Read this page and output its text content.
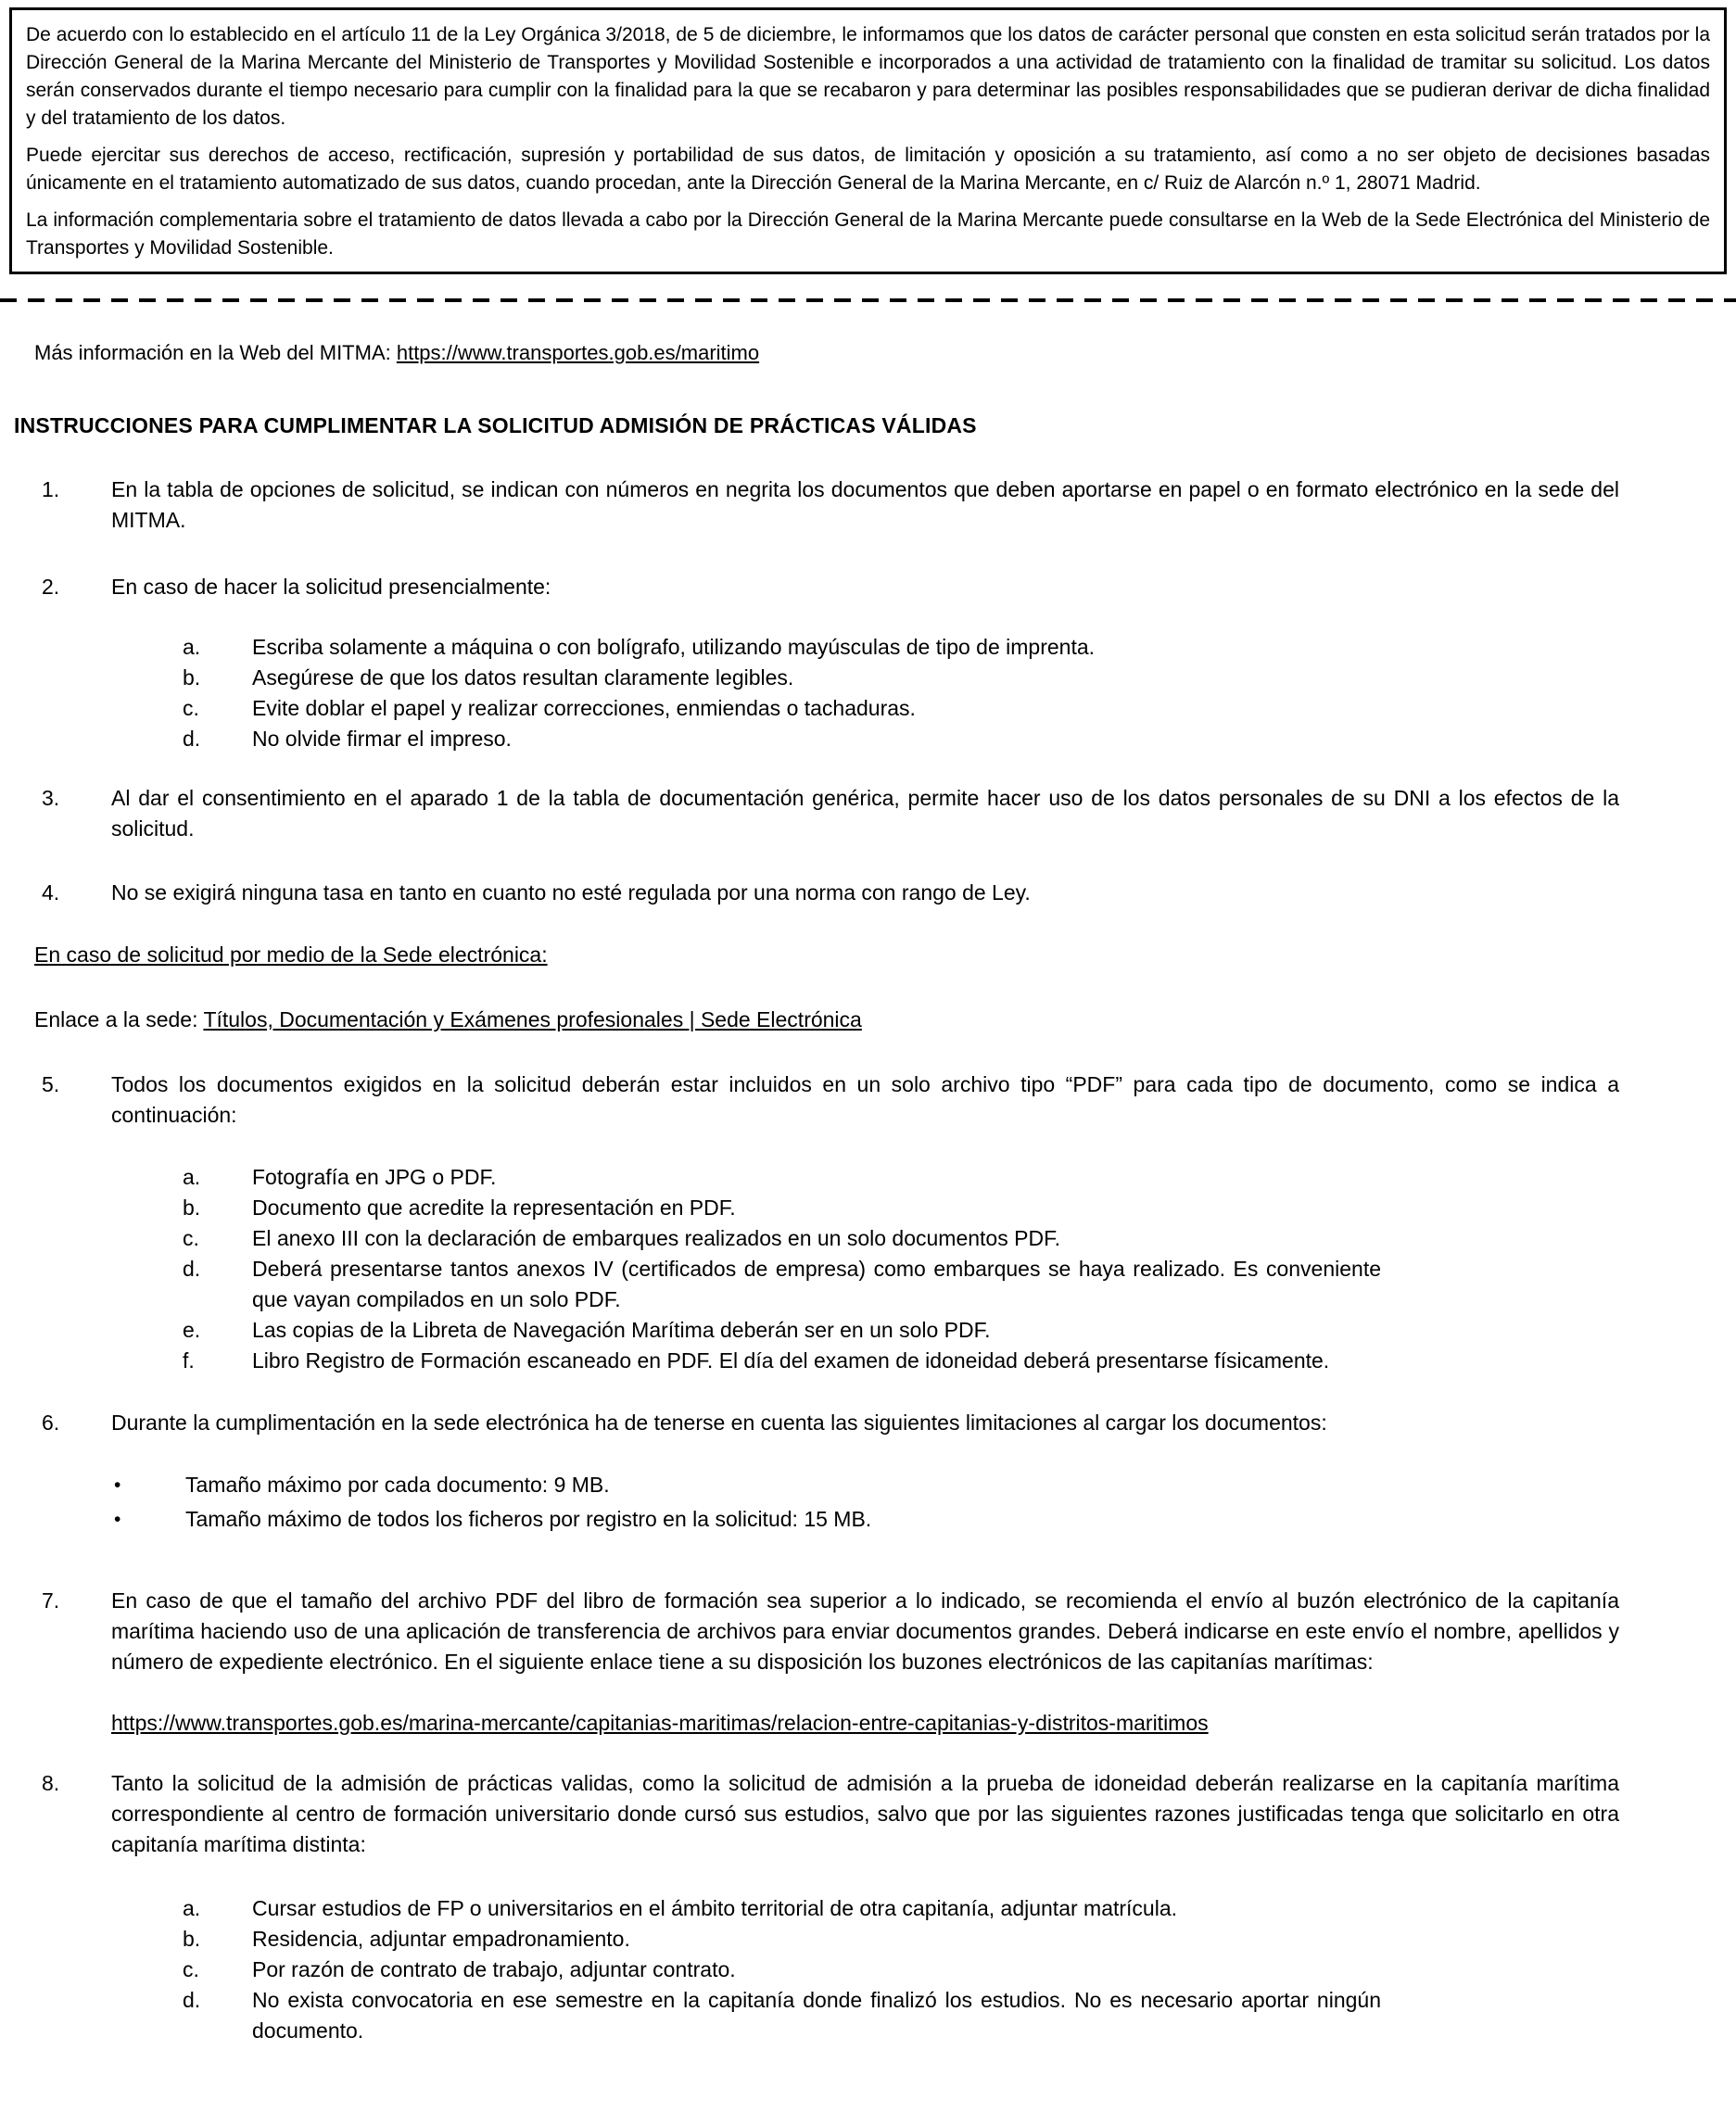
De acuerdo con lo establecido en el artículo 11 de la Ley Orgánica 3/2018, de 5 de diciembre, le informamos que los datos de carácter personal que consten en esta solicitud serán tratados por la Dirección General de la Marina Mercante del Ministerio de Transportes y Movilidad Sostenible e incorporados a una actividad de tratamiento con la finalidad de tramitar su solicitud. Los datos serán conservados durante el tiempo necesario para cumplir con la finalidad para la que se recabaron y para determinar las posibles responsabilidades que se pudieran derivar de dicha finalidad y del tratamiento de los datos.

Puede ejercitar sus derechos de acceso, rectificación, supresión y portabilidad de sus datos, de limitación y oposición a su tratamiento, así como a no ser objeto de decisiones basadas únicamente en el tratamiento automatizado de sus datos, cuando procedan, ante la Dirección General de la Marina Mercante, en c/ Ruiz de Alarcón n.º 1, 28071 Madrid.

La información complementaria sobre el tratamiento de datos llevada a cabo por la Dirección General de la Marina Mercante puede consultarse en la Web de la Sede Electrónica del Ministerio de Transportes y Movilidad Sostenible.

Más información en la Web del MITMA: https://www.transportes.gob.es/maritimo

INSTRUCCIONES PARA CUMPLIMENTAR LA SOLICITUD ADMISIÓN DE PRÁCTICAS VÁLIDAS
1. En la tabla de opciones de solicitud, se indican con números en negrita los documentos que deben aportarse en papel o en formato electrónico en la sede del MITMA.
2. En caso de hacer la solicitud presencialmente:
a. Escriba solamente a máquina o con bolígrafo, utilizando mayúsculas de tipo de imprenta.
b. Asegúrese de que los datos resultan claramente legibles.
c. Evite doblar el papel y realizar correcciones, enmiendas o tachaduras.
d. No olvide firmar el impreso.
3. Al dar el consentimiento en el aparado 1 de la tabla de documentación genérica, permite hacer uso de los datos personales de su DNI a los efectos de la solicitud.
4. No se exigirá ninguna tasa en tanto en cuanto no esté regulada por una norma con rango de Ley.

En caso de solicitud por medio de la Sede electrónica:

Enlace a la sede: Títulos, Documentación y Exámenes profesionales | Sede Electrónica

5. Todos los documentos exigidos en la solicitud deberán estar incluidos en un solo archivo tipo “PDF” para cada tipo de documento, como se indica a continuación:
a. Fotografía en JPG o PDF.
b. Documento que acredite la representación en PDF.
c. El anexo III con la declaración de embarques realizados en un solo documentos PDF.
d. Deberá presentarse tantos anexos IV (certificados de empresa) como embarques se haya realizado. Es conveniente que vayan compilados en un solo PDF.
e. Las copias de la Libreta de Navegación Marítima deberán ser en un solo PDF.
f.	Libro Registro de Formación escaneado en PDF. El día del examen de idoneidad deberá presentarse físicamente.
6. Durante la cumplimentación en la sede electrónica ha de tenerse en cuenta las siguientes limitaciones al cargar los documentos:
•	Tamaño máximo por cada documento: 9 MB.
•	Tamaño máximo de todos los ficheros por registro en la solicitud: 15 MB.
7. En caso de que el tamaño del archivo PDF del libro de formación sea superior a lo indicado, se recomienda el envío al buzón electrónico de la capitanía marítima haciendo uso de una aplicación de transferencia de archivos para enviar documentos grandes. Deberá indicarse en este envío el nombre, apellidos y número de expediente electrónico. En el siguiente enlace tiene a su disposición los buzones electrónicos de las capitanías marítimas:

https://www.transportes.gob.es/marina-mercante/capitanias-maritimas/relacion-entre-capitanias-y-distritos-maritimos

8. Tanto la solicitud de la admisión de prácticas validas, como la solicitud de admisión a la prueba de idoneidad deberán realizarse en la capitanía marítima correspondiente al centro de formación universitario donde cursó sus estudios, salvo que por las siguientes razones justificadas tenga que solicitarlo en otra capitanía marítima distinta:
a. Cursar estudios de FP o universitarios en el ámbito territorial de otra capitanía, adjuntar matrícula.
b. Residencia, adjuntar empadronamiento.
c. Por razón de contrato de trabajo, adjuntar contrato.
d. No exista convocatoria en ese semestre en la capitanía donde finalizó los estudios. No es necesario aportar ningún documento.
